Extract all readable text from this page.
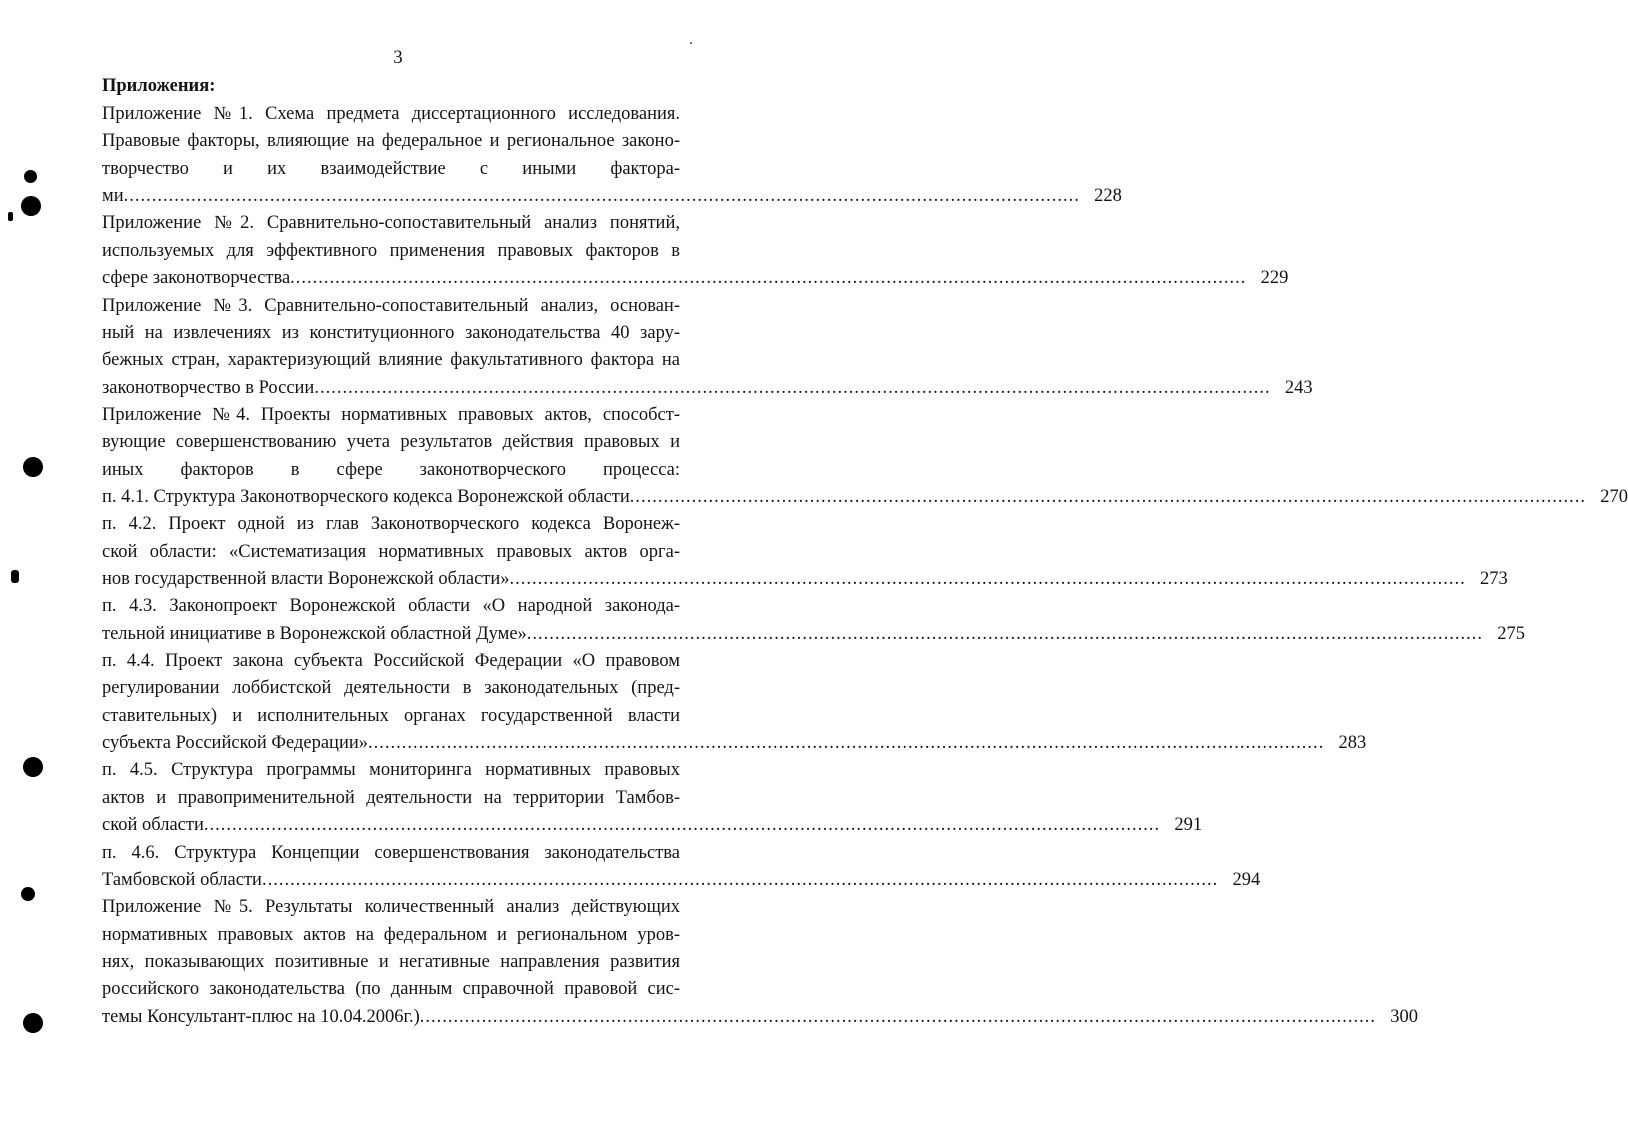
3
Приложения:
Приложение №1. Схема предмета диссертационного исследования.
Правовые факторы, влияющие на федеральное и региональное законо-
творчество и их взаимодействие с иными фактора-
ми .......................................................................................................................................................................... 228
Приложение №2. Сравнительно-сопоставительный анализ понятий,
используемых для эффективного применения правовых факторов в
сфере законотворчества .......................................................................................................................................................................... 229
Приложение №3. Сравнительно-сопоставительный анализ, основан-
ный на извлечениях из конституционного законодательства 40 зару-
бежных стран, характеризующий влияние факультативного фактора на
законотворчество в России .......................................................................................................................................................................... 243
Приложение №4. Проекты нормативных правовых актов, способст-
вующие совершенствованию учета результатов действия правовых и
иных факторов в сфере законотворческого процесса:
п. 4.1. Структура Законотворческого кодекса Воронежской области .......................................................................................................................................................................... 270
п. 4.2. Проект одной из глав Законотворческого кодекса Воронеж-
ской области: «Систематизация нормативных правовых актов орга-
нов государственной власти Воронежской области» .......................................................................................................................................................................... 273
п. 4.3. Законопроект Воронежской области «О народной законода-
тельной инициативе в Воронежской областной Думе» .......................................................................................................................................................................... 275
п. 4.4. Проект закона субъекта Российской Федерации «О правовом
регулировании лоббистской деятельности в законодательных (пред-
ставительных) и исполнительных органах государственной власти
субъекта Российской Федерации» .......................................................................................................................................................................... 283
п. 4.5. Структура программы мониторинга нормативных правовых
актов и правоприменительной деятельности на территории Тамбов-
ской области .......................................................................................................................................................................... 291
п. 4.6. Структура Концепции совершенствования законодательства
Тамбовской области .......................................................................................................................................................................... 294
Приложение №5. Результаты количественный анализ действующих
нормативных правовых актов на федеральном и региональном уров-
нях, показывающих позитивные и негативные направления развития
российского законодательства (по данным справочной правовой сис-
темы Консультант-плюс на 10.04.2006г.) .......................................................................................................................................................................... 300
